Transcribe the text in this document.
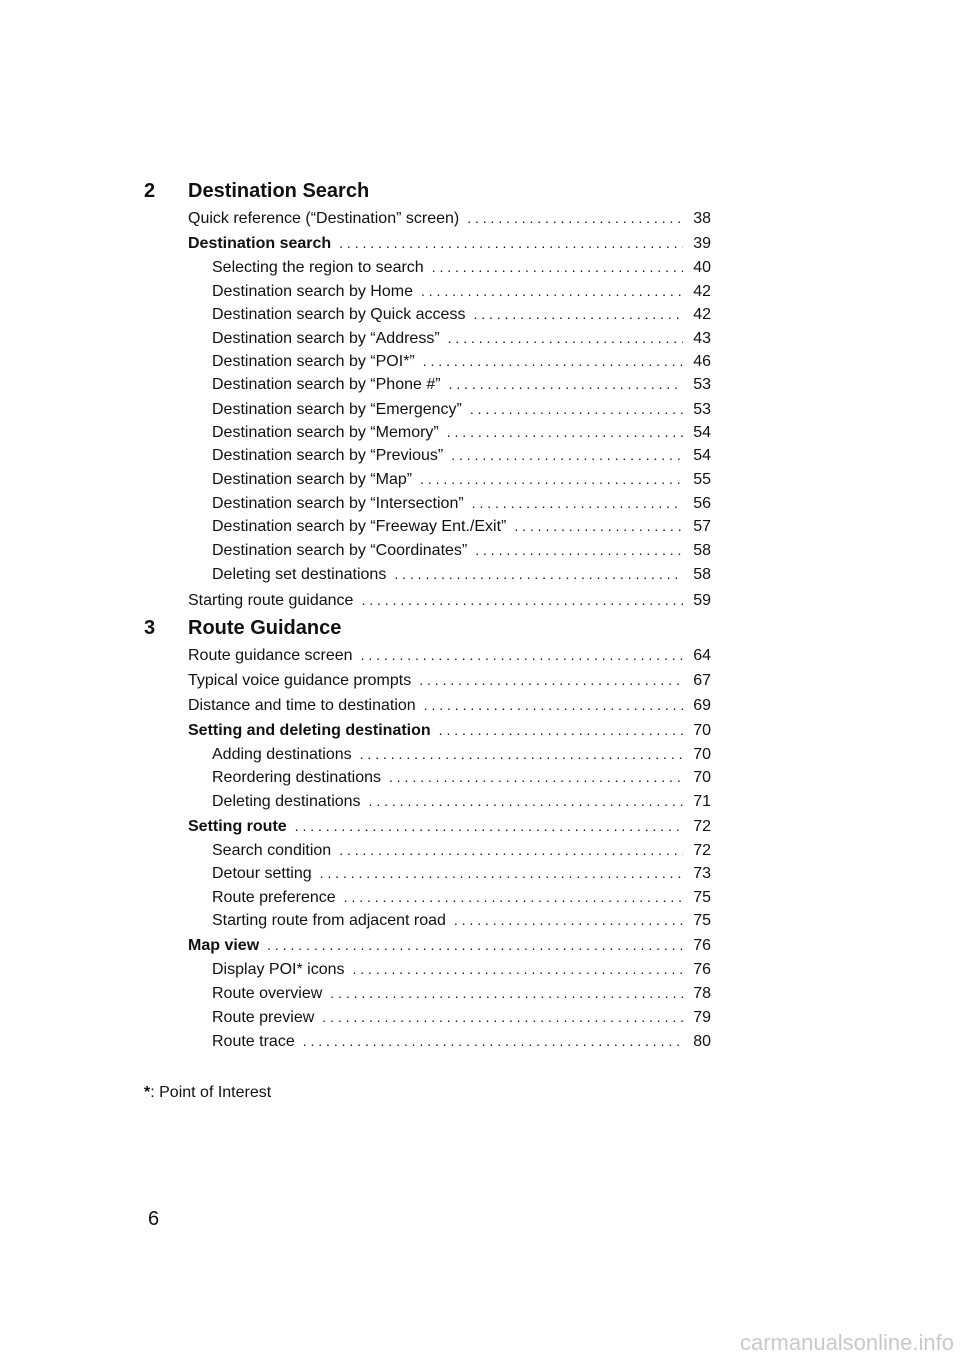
2 Destination Search
Quick reference (“Destination” screen) . . .	38
Destination search . . .	39
Selecting the region to search . . .	40
Destination search by Home . . .	42
Destination search by Quick access . . .	42
Destination search by “Address” . . .	43
Destination search by “POI*” . . .	46
Destination search by “Phone #” . . .	53
Destination search by “Emergency” . . .	53
Destination search by “Memory” . . .	54
Destination search by “Previous” . . .	54
Destination search by “Map” . . .	55
Destination search by “Intersection” . . .	56
Destination search by “Freeway Ent./Exit” . . .	57
Destination search by “Coordinates” . . .	58
Deleting set destinations . . .	58
Starting route guidance . . .	59
3 Route Guidance
Route guidance screen . . .	64
Typical voice guidance prompts . . .	67
Distance and time to destination . . .	69
Setting and deleting destination . . .	70
Adding destinations . . .	70
Reordering destinations . . .	70
Deleting destinations . . .	71
Setting route . . .	72
Search condition . . .	72
Detour setting . . .	73
Route preference . . .	75
Starting route from adjacent road . . .	75
Map view . . .	76
Display POI* icons . . .	76
Route overview . . .	78
Route preview . . .	79
Route trace . . .	80
*: Point of Interest
6
carmanualsonline.info
